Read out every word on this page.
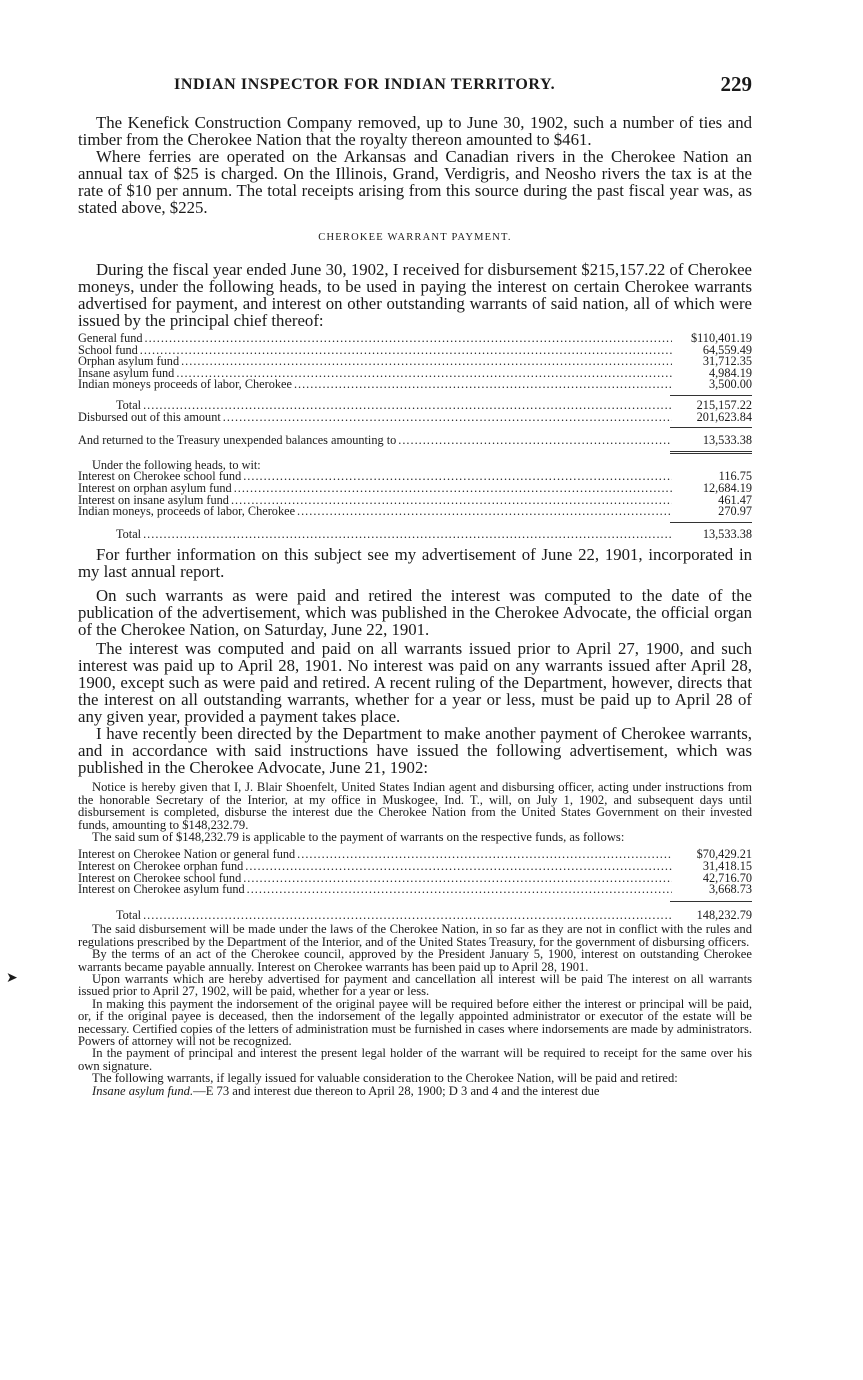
INDIAN INSPECTOR FOR INDIAN TERRITORY.	229

The Kenefick Construction Company removed, up to June 30, 1902, such a number of ties and timber from the Cherokee Nation that the royalty thereon amounted to $461.

Where ferries are operated on the Arkansas and Canadian rivers in the Cherokee Nation an annual tax of $25 is charged. On the Illinois, Grand, Verdigris, and Neosho rivers the tax is at the rate of $10 per annum. The total receipts arising from this source during the past fiscal year was, as stated above, $225.

CHEROKEE WARRANT PAYMENT.

During the fiscal year ended June 30, 1902, I received for disbursement $215,157.22 of Cherokee moneys, under the following heads, to be used in paying the interest on certain Cherokee warrants advertised for payment, and interest on other outstanding warrants of said nation, all of which were issued by the principal chief thereof:

General fund .....	$110,401.19
School fund .....	64,559.49
Orphan asylum fund .....	31,712.35
Insane asylum fund .....	4,984.19
Indian moneys proceeds of labor, Cherokee .....	3,500.00
Total .....	215,157.22
Disbursed out of this amount .....	201,623.84
And returned to the Treasury unexpended balances amounting to .....	13,533.38
Under the following heads, to wit:
Interest on Cherokee school fund .....	116.75
Interest on orphan asylum fund .....	12,684.19
Interest on insane asylum fund .....	461.47
Indian moneys, proceeds of labor, Cherokee .....	270.97
Total .....	13,533.38

For further information on this subject see my advertisement of June 22, 1901, incorporated in my last annual report.

On such warrants as were paid and retired the interest was computed to the date of the publication of the advertisement, which was published in the Cherokee Advocate, the official organ of the Cherokee Nation, on Saturday, June 22, 1901.

The interest was computed and paid on all warrants issued prior to April 27, 1900, and such interest was paid up to April 28, 1901. No interest was paid on any warrants issued after April 28, 1900, except such as were paid and retired. A recent ruling of the Department, however, directs that the interest on all outstanding warrants, whether for a year or less, must be paid up to April 28 of any given year, provided a payment takes place.

I have recently been directed by the Department to make another payment of Cherokee warrants, and in accordance with said instructions have issued the following advertisement, which was published in the Cherokee Advocate, June 21, 1902:

Notice is hereby given that I, J. Blair Shoenfelt, United States Indian agent and disbursing officer, acting under instructions from the honorable Secretary of the Interior, at my office in Muskogee, Ind. T., will, on July 1, 1902, and subsequent days until disbursement is completed, disburse the interest due the Cherokee Nation from the United States Government on their invested funds, amounting to $148,232.79.

The said sum of $148,232.79 is applicable to the payment of warrants on the respective funds, as follows:

Interest on Cherokee Nation or general fund .....	$70,429.21
Interest on Cherokee orphan fund .....	31,418.15
Interest on Cherokee school fund .....	42,716.70
Interest on Cherokee asylum fund .....	3,668.73
Total .....	148,232.79

The said disbursement will be made under the laws of the Cherokee Nation, in so far as they are not in conflict with the rules and regulations prescribed by the Department of the Interior, and of the United States Treasury, for the government of disbursing officers.

By the terms of an act of the Cherokee council, approved by the President January 5, 1900, interest on outstanding Cherokee warrants became payable annually. Interest on Cherokee warrants has been paid up to April 28, 1901.

Upon warrants which are hereby advertised for payment and cancellation all interest will be paid The interest on all warrants issued prior to April 27, 1902, will be paid, whether for a year or less.

In making this payment the indorsement of the original payee will be required before either the interest or principal will be paid, or, if the original payee is deceased, then the indorsement of the legally appointed administrator or executor of the estate will be necessary. Certified copies of the letters of administration must be furnished in cases where indorsements are made by administrators. Powers of attorney will not be recognized.

In the payment of principal and interest the present legal holder of the warrant will be required to receipt for the same over his own signature.

The following warrants, if legally issued for valuable consideration to the Cherokee Nation, will be paid and retired:

Insane asylum fund.—E 73 and interest due thereon to April 28, 1900; D 3 and 4 and the interest due

➤
